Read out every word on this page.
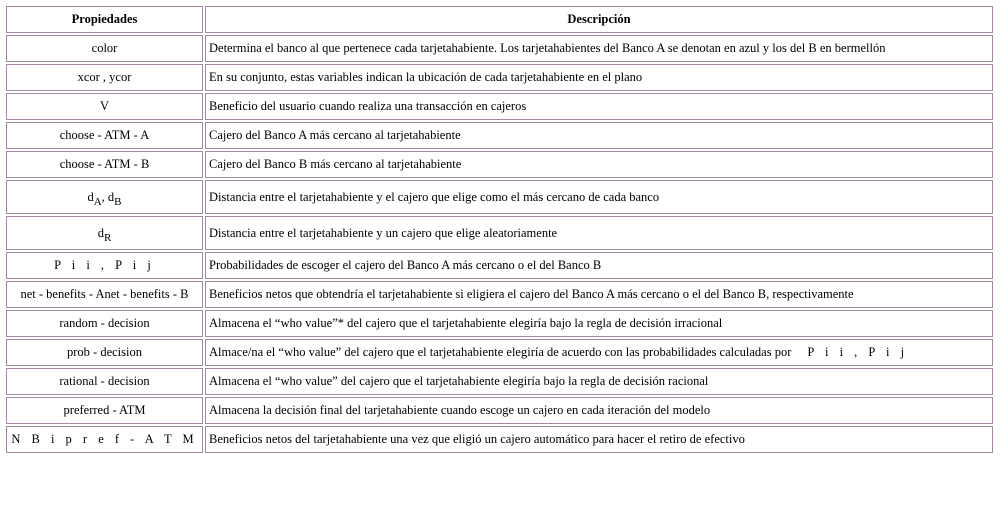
Propiedades	Descripción
color	Determina el banco al que pertenece cada tarjetahabiente. Los tarjetahabientes del Banco A se denotan en azul y los del B en bermellón
xcor , ycor	En su conjunto, estas variables indican la ubicación de cada tarjetahabiente en el plano
V	Beneficio del usuario cuando realiza una transacción en cajeros
choose - ATM - A	Cajero del Banco A más cercano al tarjetahabiente
choose - ATM - B	Cajero del Banco B más cercano al tarjetahabiente
$d_A$, $d_B$	Distancia entre el tarjetahabiente y el cajero que elige como el más cercano de cada banco
$d_R$	Distancia entre el tarjetahabiente y un cajero que elige aleatoriamente
P i i , P i j	Probabilidades de escoger el cajero del Banco A más cercano o el del Banco B
net - benefits - Anet - benefits - B	Beneficios netos que obtendría el tarjetahabiente si eligiera el cajero del Banco A más cercano o el del Banco B, respectivamente
random - decision	Almacena el “who value”* del cajero que el tarjetahabiente elegiría bajo la regla de decisión irracional
prob - decision	Almace/na el “who value” del cajero que el tarjetahabiente elegiría de acuerdo con las probabilidades calculadas por P i i , P i j
rational - decision	Almacena el “who value” del cajero que el tarjetahabiente elegiría bajo la regla de decisión racional
preferred - ATM	Almacena la decisión final del tarjetahabiente cuando escoge un cajero en cada iteración del modelo
N B i p r e f - A T M	Beneficios netos del tarjetahabiente una vez que eligió un cajero automático para hacer el retiro de efectivo
